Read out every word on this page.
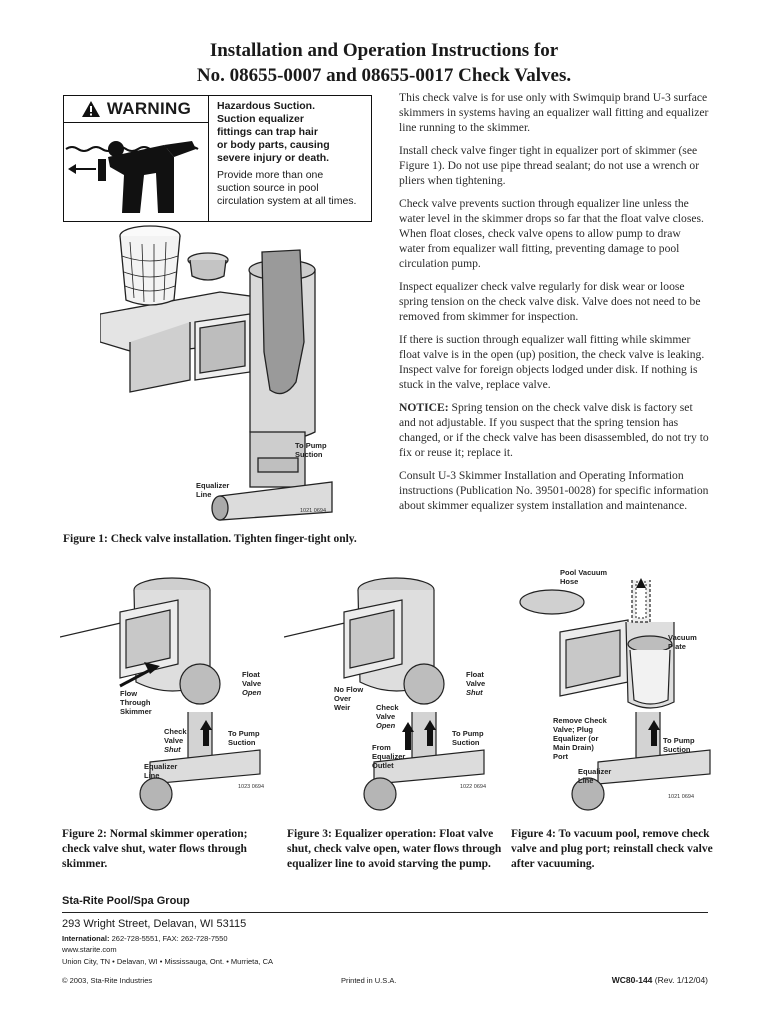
Installation and Operation Instructions for
No. 08655-0007 and 08655-0017 Check Valves.
WARNING Hazardous Suction.
Suction equalizer
fittings can trap hair
or body parts, causing
severe injury or death.
Provide more than one
suction source in pool
circulation system at all times.

This check valve is for use only with Swimquip brand U-3 surface skimmers in systems having an equalizer wall fitting and equalizer line running to the skimmer.

Install check valve finger tight in equalizer port of skimmer (see Figure 1). Do not use pipe thread sealant; do not use a wrench or pliers when tightening.

Check valve prevents suction through equalizer line unless the water level in the skimmer drops so far that the float valve closes. When float closes, check valve opens to allow pump to draw water from equalizer wall fitting, preventing damage to pool circulation pump.

Inspect equalizer check valve regularly for disk wear or loose spring tension on the check valve disk. Valve does not need to be removed from skimmer for inspection.

If there is suction through equalizer wall fitting while skimmer float valve is in the open (up) position, the check valve is leaking. Inspect valve for foreign objects lodged under disk. If nothing is stuck in the valve, replace valve.

NOTICE: Spring tension on the check valve disk is factory set and not adjustable. If you suspect that the spring tension has changed, or if the check valve has been disassembled, do not try to fix or reuse it; replace it.

Consult U-3 Skimmer Installation and Operating Information instructions (Publication No. 39501-0028) for specific information about skimmer equalizer system installation and maintenance.

To Pump
Suction
Equalizer
Line
1021 0694
Figure 1: Check valve installation. Tighten finger-tight only.
Float
Valve
Open
Flow
Through
Skimmer
Check
Valve
Shut
To Pump
Suction
Equalizer
Line
1023 0694
Figure 2: Normal skimmer operation; check valve shut, water flows through skimmer.
Float
Valve
Shut
No Flow
Over
Weir	Check
Valve
Open
From
Equalizer
Outlet
To Pump
Suction
1022 0694
Figure 3: Equalizer operation: Float valve shut, check valve open, water flows through equalizer line to avoid starving the pump.
Pool Vacuum
Hose
Vacuum
Plate
Remove Check
Valve; Plug
Equalizer (or
Main Drain)
Port
To Pump
Suction
Equalizer
Line
1021 0694
Figure 4: To vacuum pool, remove check valve and plug port; reinstall check valve after vacuuming.
Sta-Rite Pool/Spa Group
293 Wright Street, Delavan, WI 53115
International: 262-728-5551, FAX: 262-728-7550
www.starite.com
Union City, TN • Delavan, WI • Mississauga, Ont. • Murrieta, CA
© 2003, Sta-Rite Industries	Printed in U.S.A.	WC80-144 (Rev. 1/12/04)
